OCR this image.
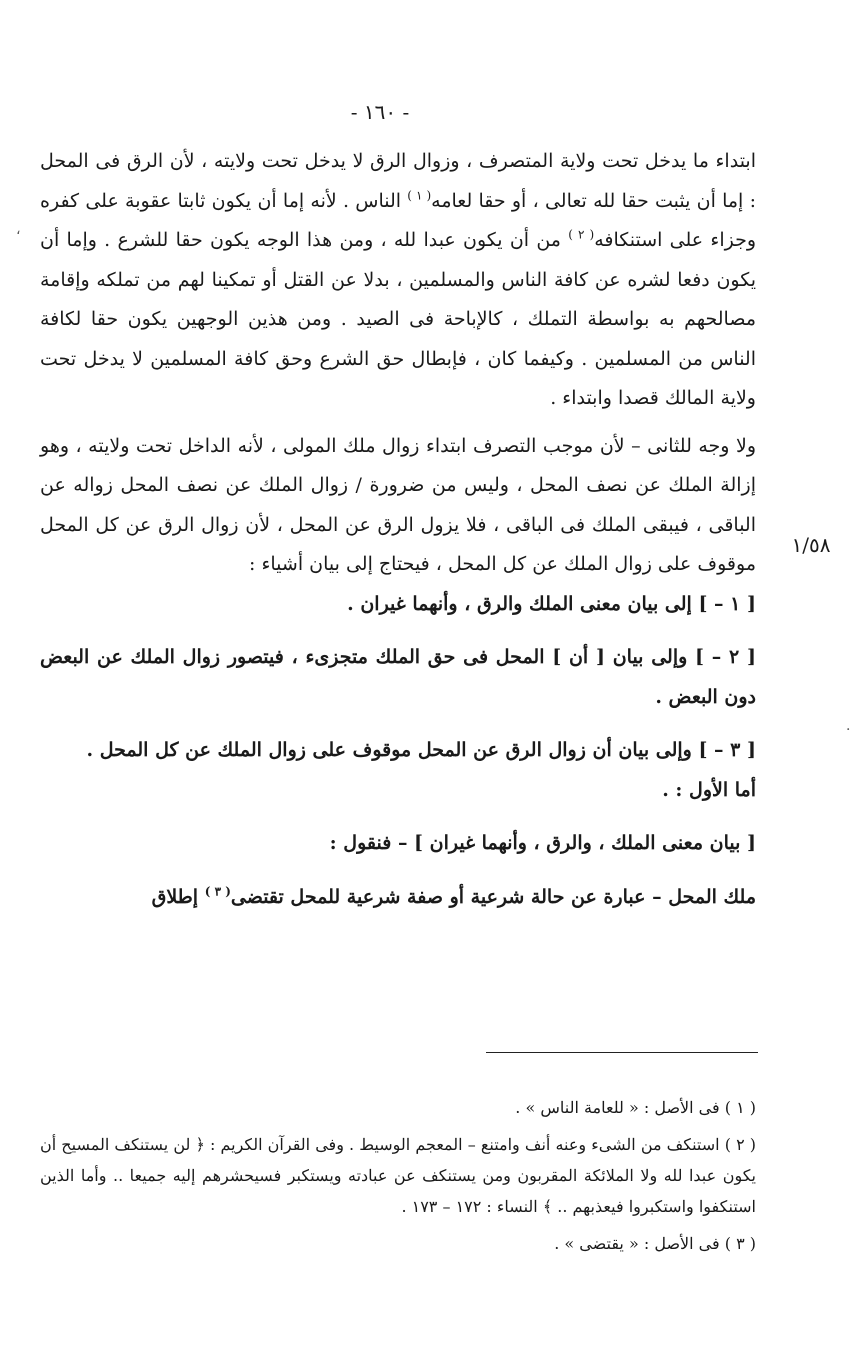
- ١٦٠ -
١/٥٨

ابتداء ما يدخل تحت ولاية المتصرف ، وزوال الرق لا يدخل تحت ولايته ، لأن الرق فى المحل : إما أن يثبت حقا لله تعالى ، أو حقا لعامه$^{( ١ )}$ الناس . لأنه إما أن يكون ثابتا عقوبة على كفره وجزاء على استنكافه$^{( ٢ )}$ من أن يكون عبدا لله ، ومن هذا الوجه يكون حقا للشرع . وإما أن يكون دفعا لشره عن كافة الناس والمسلمين ، بدلا عن القتل أو تمكينا لهم من تملكه وإقامة مصالحهم به بواسطة التملك ، كالإباحة فى الصيد . ومن هذين الوجهين يكون حقا لكافة الناس من المسلمين . وكيفما كان ، فإبطال حق الشرع وحق كافة المسلمين لا يدخل تحت ولاية المالك قصدا وابتداء .

ولا وجه للثانى – لأن موجب التصرف ابتداء زوال ملك المولى ، لأنه الداخل تحت ولايته ، وهو إزالة الملك عن نصف المحل ، وليس من ضرورة / زوال الملك عن نصف المحل زواله عن الباقى ، فيبقى الملك فى الباقى ، فلا يزول الرق عن المحل ، لأن زوال الرق عن كل المحل موقوف على زوال الملك عن كل المحل ، فيحتاج إلى بيان أشياء :

[ ١ – ] إلى بيان معنى الملك والرق ، وأنهما غيران .

[ ٢ – ] وإلى بيان [ أن ] المحل فى حق الملك متجزىء ، فيتصور زوال الملك عن البعض دون البعض .

[ ٣ – ] وإلى بيان أن زوال الرق عن المحل موقوف على زوال الملك عن كل المحل .

أما الأول : .

[ بيان معنى الملك ، والرق ، وأنهما غيران ] – فنقول :

ملك المحل – عبارة عن حالة شرعية أو صفة شرعية للمحل تقتضى$^{( ٣ )}$ إطلاق

( ١ ) فى الأصل : « للعامة الناس » .

( ٢ ) استنكف من الشىء وعنه أنف وامتنع – المعجم الوسيط . وفى القرآن الكريم : ﴿ لن يستنكف المسيح أن يكون عبدا لله ولا الملائكة المقربون ومن يستنكف عن عبادته ويستكبر فسيحشرهم إليه جميعا .. وأما الذين استنكفوا واستكبروا فيعذبهم .. ﴾ النساء : ١٧٢ – ١٧٣ .

( ٣ ) فى الأصل : « يقتضى » .

،
·
